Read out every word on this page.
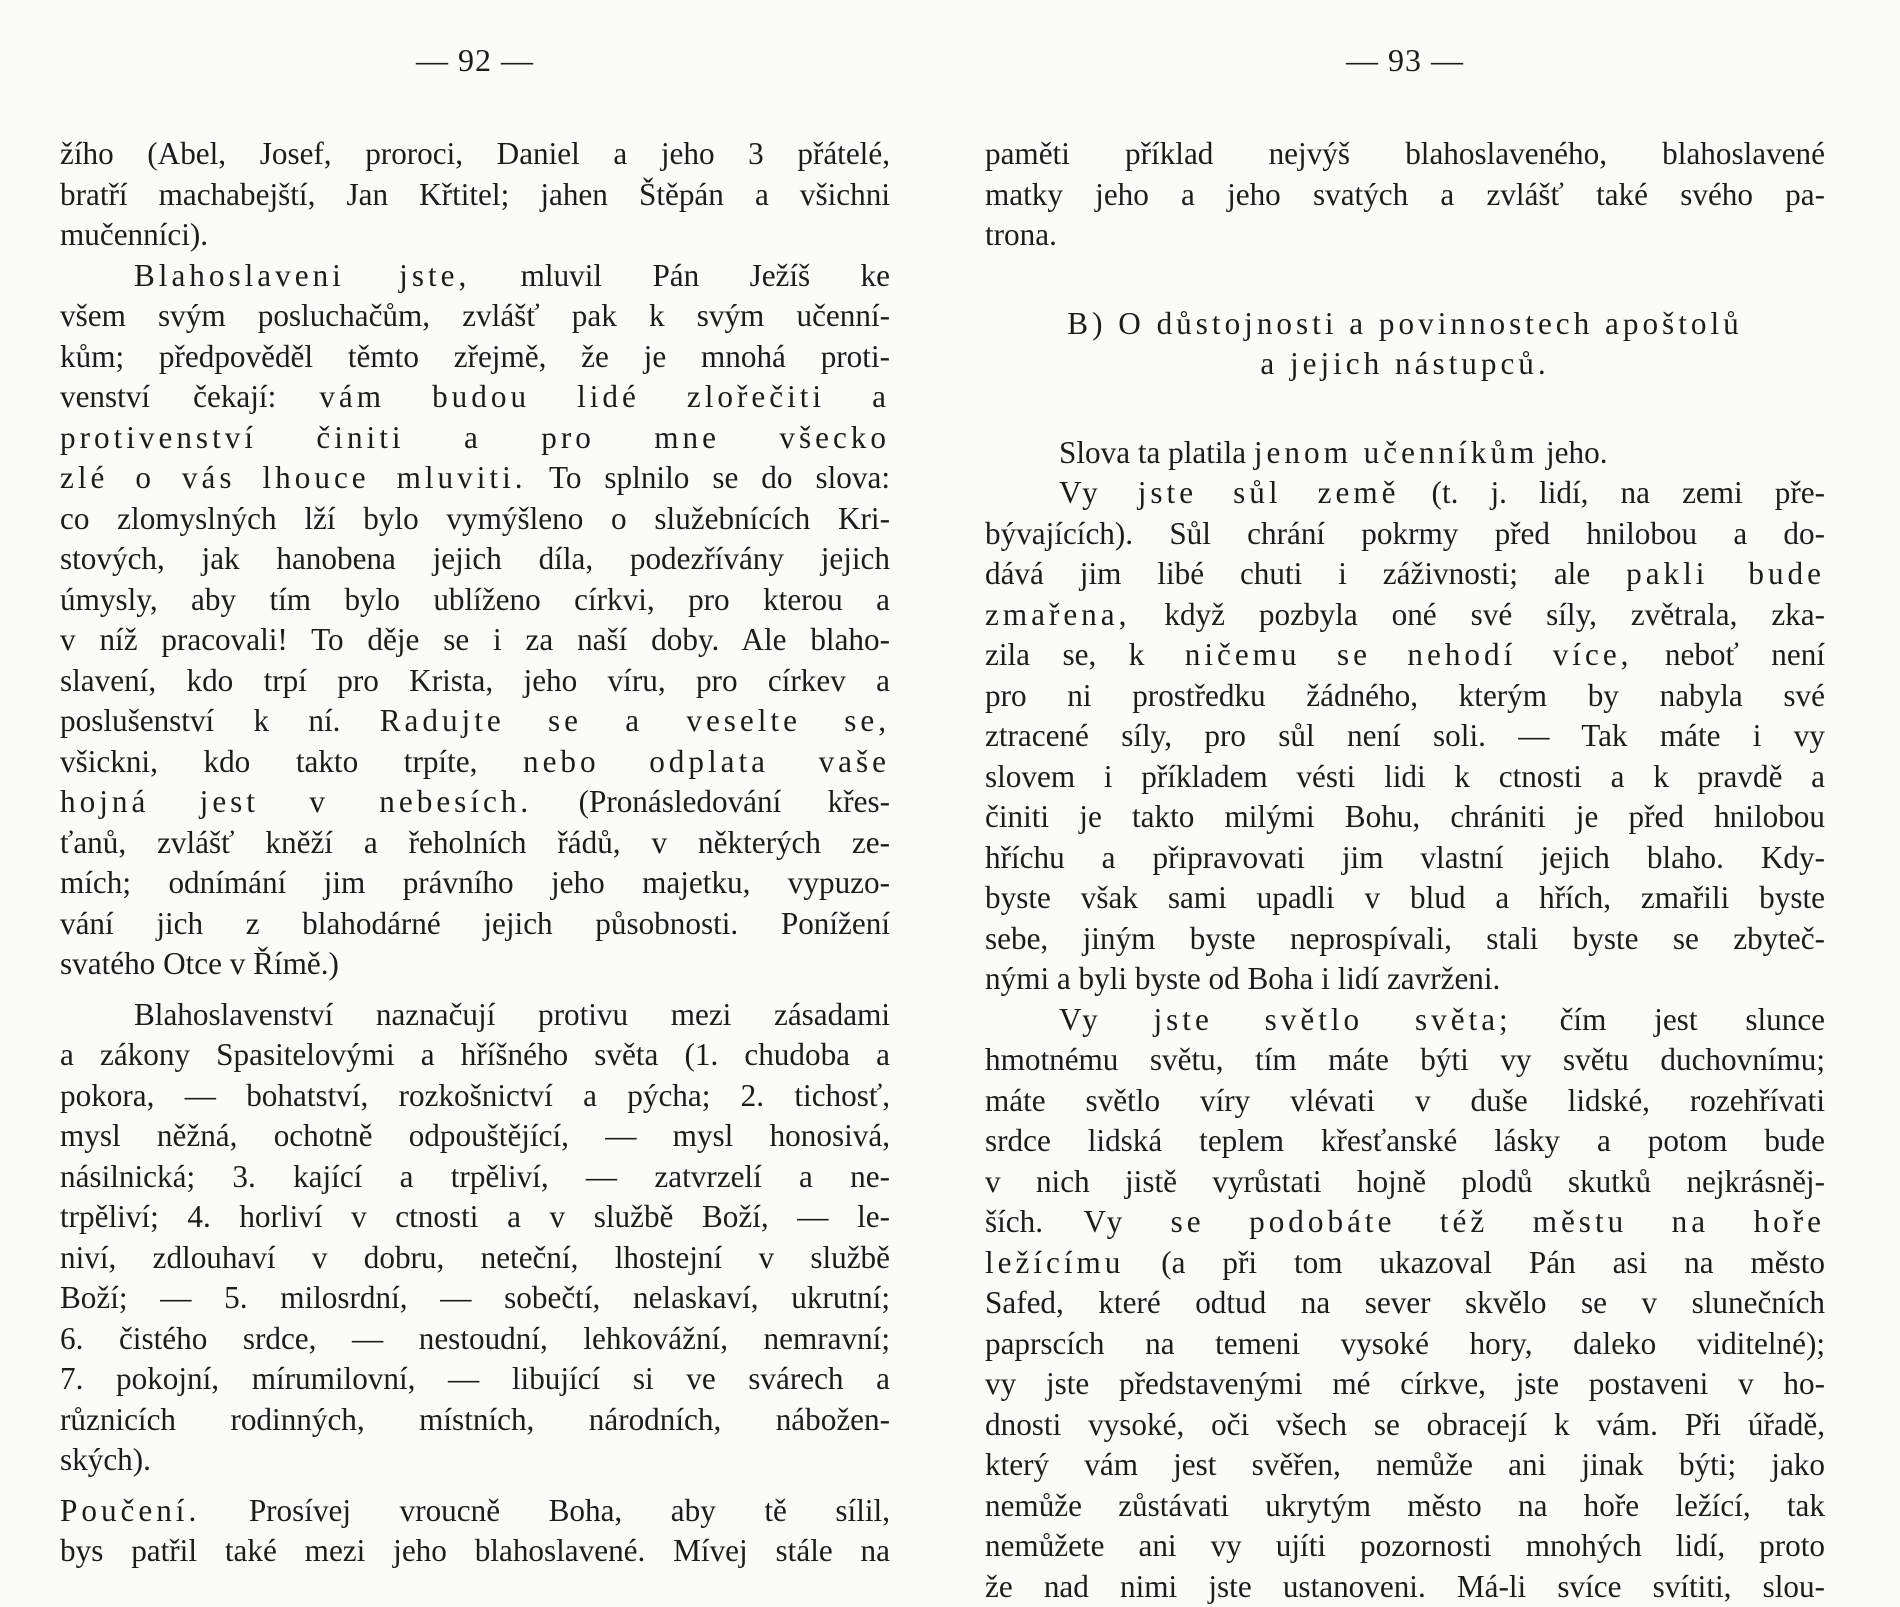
— 92 —
žího (Abel, Josef, proroci, Daniel a jeho 3 přátelé,
bratří machabejští, Jan Křtitel; jahen Štěpán a všichni
mučenníci).
Blahoslaveni jste, mluvil Pán Ježíš ke
všem svým posluchačům, zvlášť pak k svým učenní-
kům; předpověděl těmto zřejmě, že je mnohá proti-
venství čekají: vám budou lidé zlořečiti a
protivenství činiti a pro mne všecko
zlé o vás lhouce mluviti. To splnilo se do slova:
co zlomyslných lží bylo vymýšleno o služebnících Kri-
stových, jak hanobena jejich díla, podezřívány jejich
úmysly, aby tím bylo ublíženo církvi, pro kterou a
v níž pracovali! To děje se i za naší doby. Ale blaho-
slavení, kdo trpí pro Krista, jeho víru, pro církev a
poslušenství k ní. Radujte se a veselte se,
všickni, kdo takto trpíte, nebo odplata vaše
hojná jest v nebesích. (Pronásledování křes-
ťanů, zvlášť kněží a řeholních řádů, v některých ze-
mích; odnímání jim právního jeho majetku, vypuzo-
vání jich z blahodárné jejich působnosti. Ponížení
svatého Otce v Římě.)
Blahoslavenství naznačují protivu mezi zásadami
a zákony Spasitelovými a hříšného světa (1. chudoba a
pokora, — bohatství, rozkošnictví a pýcha; 2. tichosť,
mysl něžná, ochotně odpouštějící, — mysl honosivá,
násilnická; 3. kající a trpěliví, — zatvrzelí a ne-
trpěliví; 4. horliví v ctnosti a v službě Boží, — le-
niví, zdlouhaví v dobru, neteční, lhostejní v službě
Boží; — 5. milosrdní, — sobečtí, nelaskaví, ukrutní;
6. čistého srdce, — nestoudní, lehkovážní, nemravní;
7. pokojní, mírumilovní, — libující si ve svárech a
různicích rodinných, místních, národních, nábožen-
ských).
Poučení. Prosívej vroucně Boha, aby tě sílil,
bys patřil také mezi jeho blahoslavené. Mívej stále na
— 93 —
paměti příklad nejvýš blahoslaveného, blahoslavené
matky jeho a jeho svatých a zvlášť také svého pa-
trona.
B) O důstojnosti a povinnostech apoštolů
a jejich nástupců.
Slova ta platila jenom učenníkům jeho.
Vy jste sůl země (t. j. lidí, na zemi pře-
bývajících). Sůl chrání pokrmy před hnilobou a do-
dává jim libé chuti i záživnosti; ale pakli bude
zmařena, když pozbyla oné své síly, zvětrala, zka-
zila se, k ničemu se nehodí více, neboť není
pro ni prostředku žádného, kterým by nabyla své
ztracené síly, pro sůl není soli. — Tak máte i vy
slovem i příkladem vésti lidi k ctnosti a k pravdě a
činiti je takto milými Bohu, chrániti je před hnilobou
hříchu a připravovati jim vlastní jejich blaho. Kdy-
byste však sami upadli v blud a hřích, zmařili byste
sebe, jiným byste neprospívali, stali byste se zbyteč-
nými a byli byste od Boha i lidí zavrženi.
Vy jste světlo světa; čím jest slunce
hmotnému světu, tím máte býti vy světu duchovnímu;
máte světlo víry vlévati v duše lidské, rozehřívati
srdce lidská teplem křesťanské lásky a potom bude
v nich jistě vyrůstati hojně plodů skutků nejkrásněj-
ších. Vy se podobáte též městu na hoře
ležícímu (a při tom ukazoval Pán asi na město
Safed, které odtud na sever skvělo se v slunečních
paprscích na temeni vysoké hory, daleko viditelné);
vy jste představenými mé církve, jste postaveni v ho-
dnosti vysoké, oči všech se obracejí k vám. Při úřadě,
který vám jest svěřen, nemůže ani jinak býti; jako
nemůže zůstávati ukrytým město na hoře ležící, tak
nemůžete ani vy ujíti pozornosti mnohých lidí, proto
že nad nimi jste ustanoveni. Má-li svíce svítiti, slou-
